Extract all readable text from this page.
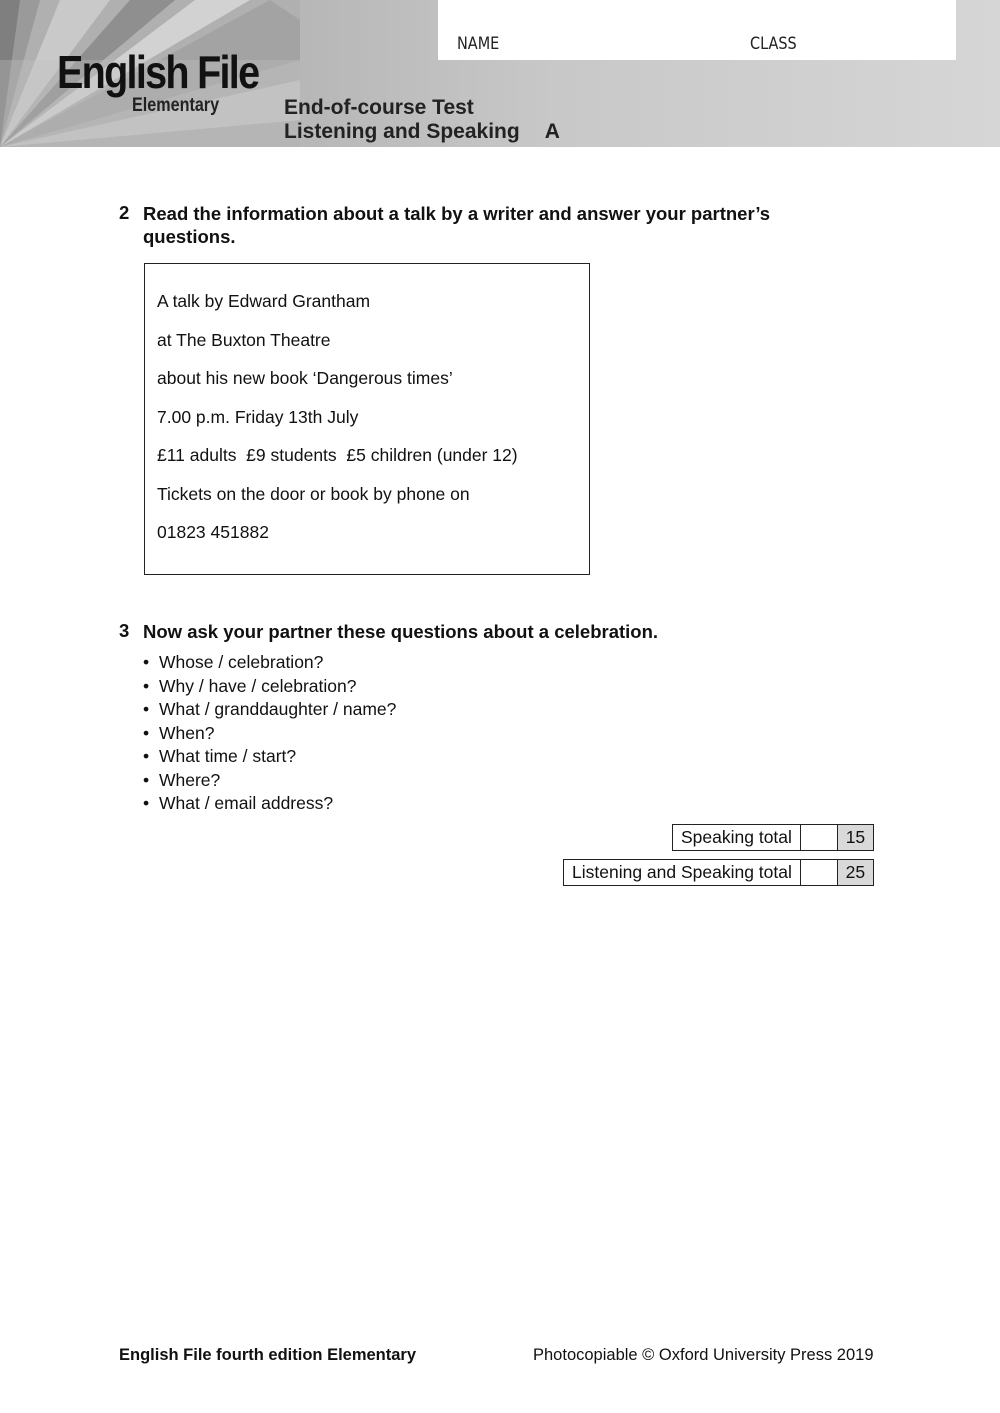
NAME	CLASS
English File
Elementary	End-of-course Test
Listening and Speaking A
2 Read the information about a talk by a writer and answer your partner’s questions.
A talk by Edward Grantham
at The Buxton Theatre
about his new book ‘Dangerous times’
7.00 p.m. Friday 13th July
£11 adults  £9 students  £5 children (under 12)
Tickets on the door or book by phone on
01823 451882
3 Now ask your partner these questions about a celebration.
• Whose / celebration?
• Why / have / celebration?
• What / granddaughter / name?
• When?
• What time / start?
• Where?
• What / email address?
Speaking total	15
Listening and Speaking total	25
English File fourth edition Elementary	Photocopiable © Oxford University Press 2019
